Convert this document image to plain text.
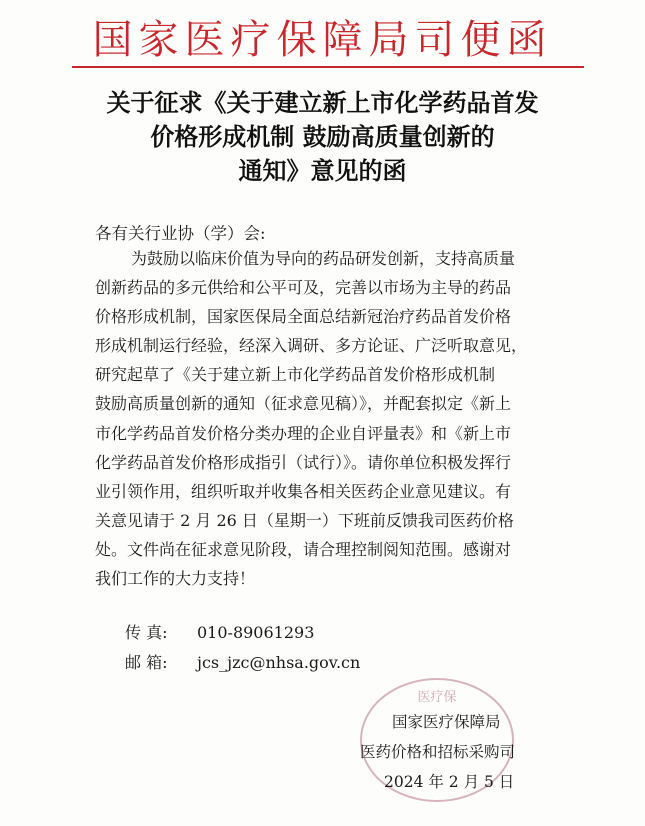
国家医疗保障局司便函
关于征求《关于建立新上市化学药品首发
价格形成机制 鼓励高质量创新的
通知》意见的函
各有关行业协（学）会:
为鼓励以临床价值为导向的药品研发创新，支持高质量
创新药品的多元供给和公平可及，完善以市场为主导的药品
价格形成机制，国家医保局全面总结新冠治疗药品首发价格
形成机制运行经验，经深入调研、多方论证、广泛听取意见，
研究起草了《关于建立新上市化学药品首发价格形成机制
鼓励高质量创新的通知（征求意见稿）》，并配套拟定《新上
市化学药品首发价格分类办理的企业自评量表》和《新上市
化学药品首发价格形成指引（试行）》。请你单位积极发挥行
业引领作用，组织听取并收集各相关医药企业意见建议。有
关意见请于 2 月 26 日（星期一）下班前反馈我司医药价格
处。文件尚在征求意见阶段，请合理控制阅知范围。感谢对
我们工作的大力支持！
传 真: 010-89061293
邮 箱: jcs_jzc@nhsa.gov.cn
医疗保
国家医疗保障局
医药价格和招标采购司
2024 年 2 月 5 日
